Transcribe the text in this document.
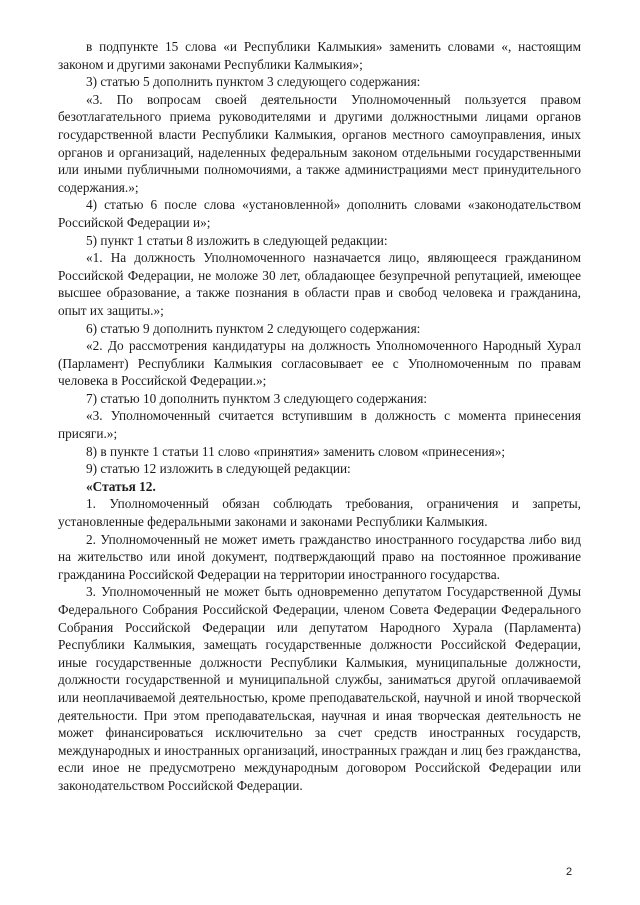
в подпункте 15 слова «и Республики Калмыкия» заменить словами «, настоящим законом и другими законами Республики Калмыкия»;

3) статью 5 дополнить пунктом 3 следующего содержания:

«3. По вопросам своей деятельности Уполномоченный пользуется правом безотлагательного приема руководителями и другими должностными лицами органов государственной власти Республики Калмыкия, органов местного самоуправления, иных органов и организаций, наделенных федеральным законом отдельными государственными или иными публичными полномочиями, а также администрациями мест принудительного содержания.»;

4) статью 6 после слова «установленной» дополнить словами «законодательством Российской Федерации и»;

5) пункт 1 статьи 8 изложить в следующей редакции:

«1. На должность Уполномоченного назначается лицо, являющееся гражданином Российской Федерации, не моложе 30 лет, обладающее безупречной репутацией, имеющее высшее образование, а также познания в области прав и свобод человека и гражданина, опыт их защиты.»;

6) статью 9 дополнить пунктом 2 следующего содержания:

«2. До рассмотрения кандидатуры на должность Уполномоченного Народный Хурал (Парламент) Республики Калмыкия согласовывает ее с Уполномоченным по правам человека в Российской Федерации.»;

7) статью 10 дополнить пунктом 3 следующего содержания:

«3. Уполномоченный считается вступившим в должность с момента принесения присяги.»;

8) в пункте 1 статьи 11 слово «принятия» заменить словом «принесения»;

9) статью 12 изложить в следующей редакции:

«Статья 12.

1. Уполномоченный обязан соблюдать требования, ограничения и запреты, установленные федеральными законами и законами Республики Калмыкия.

2. Уполномоченный не может иметь гражданство иностранного государства либо вид на жительство или иной документ, подтверждающий право на постоянное проживание гражданина Российской Федерации на территории иностранного государства.

3. Уполномоченный не может быть одновременно депутатом Государственной Думы Федерального Собрания Российской Федерации, членом Совета Федерации Федерального Собрания Российской Федерации или депутатом Народного Хурала (Парламента) Республики Калмыкия, замещать государственные должности Российской Федерации, иные государственные должности Республики Калмыкия, муниципальные должности, должности государственной и муниципальной службы, заниматься другой оплачиваемой или неоплачиваемой деятельностью, кроме преподавательской, научной и иной творческой деятельности. При этом преподавательская, научная и иная творческая деятельность не может финансироваться исключительно за счет средств иностранных государств, международных и иностранных организаций, иностранных граждан и лиц без гражданства, если иное не предусмотрено международным договором Российской Федерации или законодательством Российской Федерации.

2
